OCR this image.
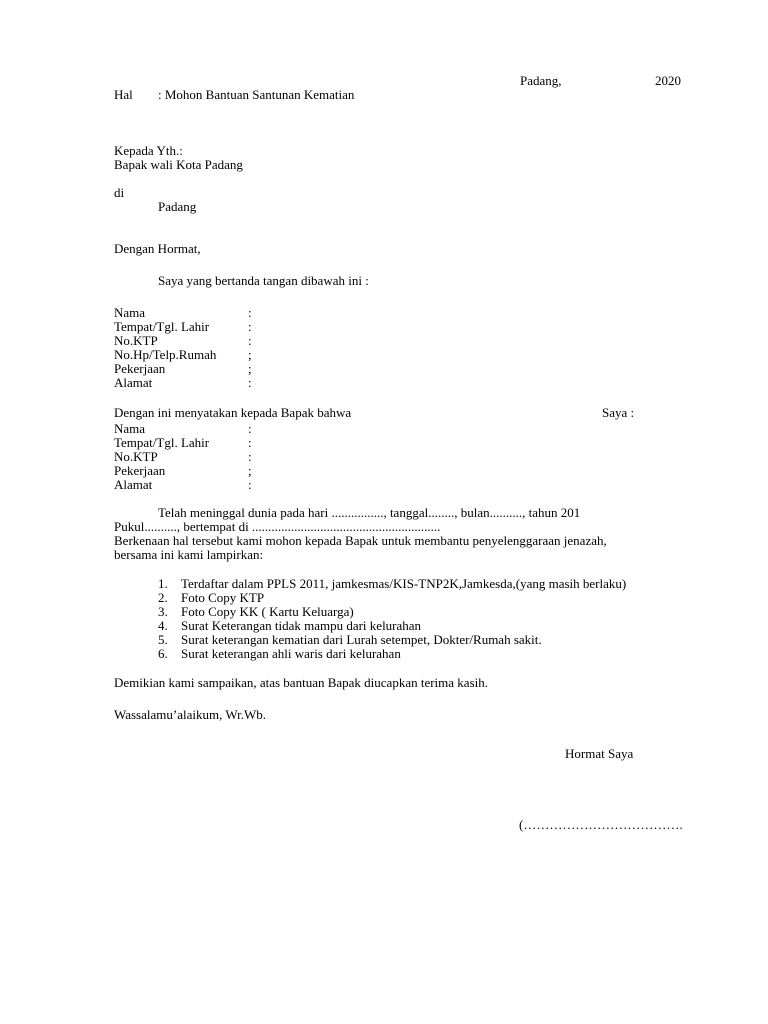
Padang,	2020
Hal : Mohon Bantuan Santunan Kematian
Kepada Yth.:
Bapak wali Kota Padang
di
Padang
Dengan Hormat,
Saya yang bertanda tangan dibawah ini :
Nama	:
Tempat/Tgl. Lahir	:
No.KTP	:
No.Hp/Telp.Rumah ;
Pekerjaan	;
Alamat	:
Dengan ini menyatakan kepada Bapak bahwa	Saya :
Nama	:
Tempat/Tgl. Lahir	:
No.KTP	:
Pekerjaan	;
Alamat	:
Telah meninggal dunia pada hari ................, tanggal........, bulan.........., tahun 201
Pukul.........., bertempat di ..........................................................
Berkenaan hal tersebut kami mohon kepada Bapak untuk membantu penyelenggaraan jenazah,
bersama ini kami lampirkan:
1. Terdaftar dalam PPLS 2011, jamkesmas/KIS-TNP2K,Jamkesda,(yang masih berlaku)
2. Foto Copy KTP
3. Foto Copy KK ( Kartu Keluarga)
4. Surat Keterangan tidak mampu dari kelurahan
5. Surat keterangan kematian dari Lurah setempet, Dokter/Rumah sakit.
6. Surat keterangan ahli waris dari kelurahan
Demikian kami sampaikan, atas bantuan Bapak diucapkan terima kasih.
Wassalamu’alaikum, Wr.Wb.
Hormat Saya
(……………………………….
